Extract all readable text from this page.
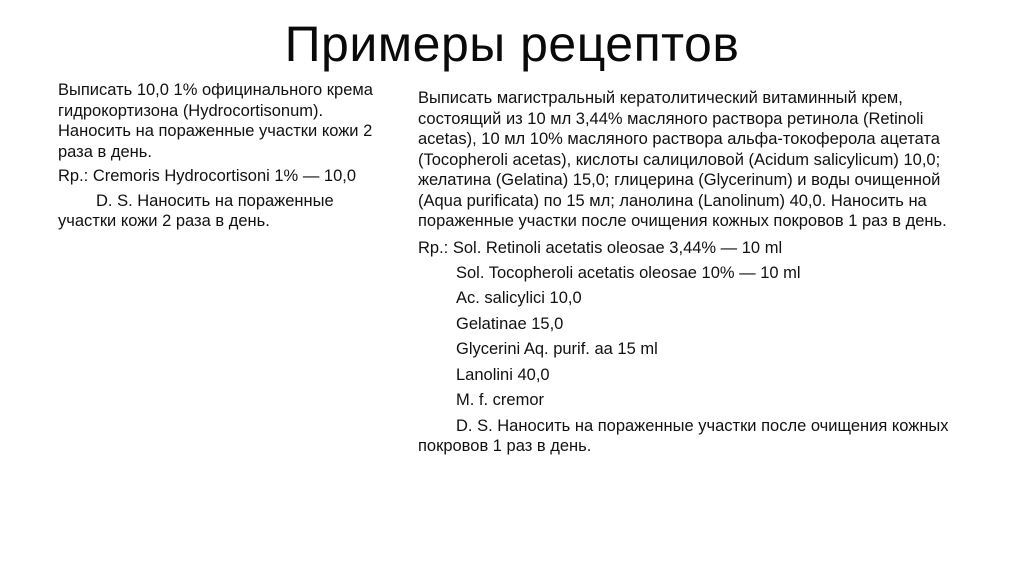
Примеры рецептов

Выписать 10,0 1% официнального крема гидрокортизона (Hydrocortisonum). Наносить на пораженные участки кожи 2 раза в день.

Rp.: Cremoris Hydrocortisoni 1% — 10,0

D. S. Наносить на пораженные участки кожи 2 раза в день.

Выписать магистральный кератолитический витаминный крем, состоящий из 10 мл 3,44% масляного раствора ретинола (Retinoli acetas), 10 мл 10% масляного раствора альфа-токоферола ацетата (Tocopheroli acetas), кислоты салициловой (Acidum salicylicum) 10,0; желатина (Gelatina) 15,0; глицерина (Glycerinum) и воды очищенной (Aqua purificata) по 15 мл; ланолина (Lanolinum) 40,0. Наносить на пораженные участки после очищения кожных покровов 1 раз в день.

Rp.: Sol. Retinoli acetatis oleosae 3,44% — 10 ml

Sol. Tocopheroli acetatis oleosae 10% — 10 ml

Ac. salicylici 10,0

Gelatinae 15,0

Glycerini Aq. purif. aa 15 ml

Lanolini 40,0

M. f. cremor

D. S. Наносить на пораженные участки после очищения кожных покровов 1 раз в день.
